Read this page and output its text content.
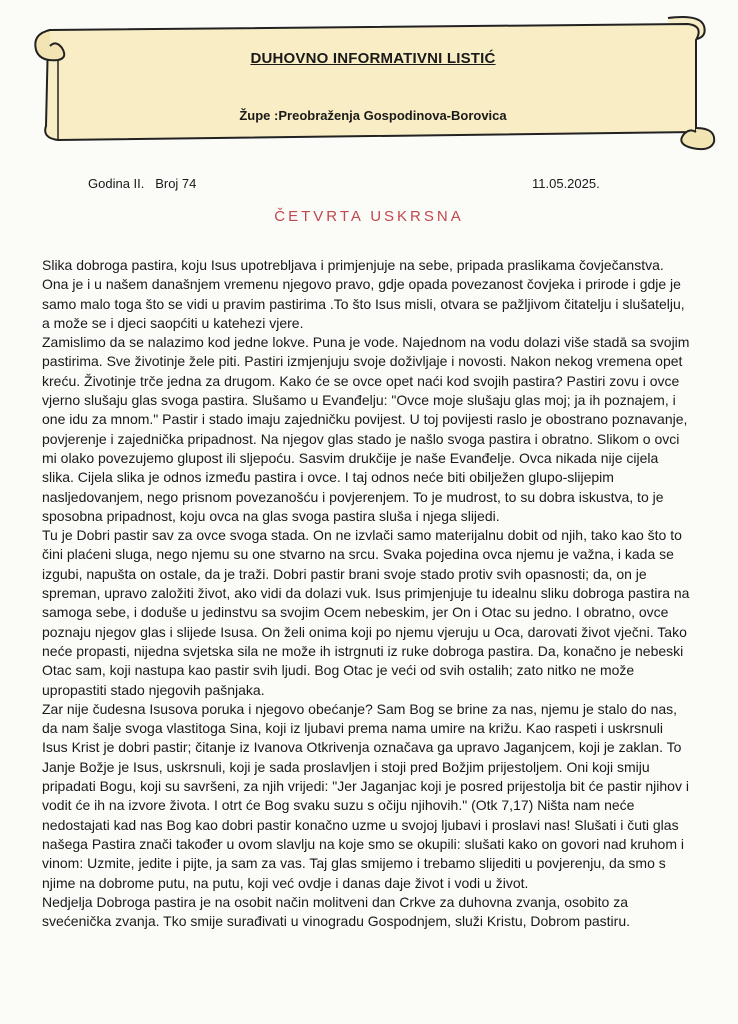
DUHOVNO INFORMATIVNI LISTIĆ
Župe :Preobraženja Gospodinova-Borovica
Godina II.   Broj 74	11.05.2025.
ČETVRTA USKRSNA

Slika dobroga pastira, koju Isus upotrebljava i primjenjuje na sebe, pripada praslikama čovječanstva. Ona je i u našem današnjem vremenu njegovo pravo, gdje opada povezanost čovjeka i prirode i gdje je samo malo toga što se vidi u pravim pastirima .To što Isus misli, otvara se pažljivom čitatelju i slušatelju, a može se i djeci saopćiti u katehezi vjere.

Zamislimo da se nalazimo kod jedne lokve. Puna je vode. Najednom na vodu dolazi više stadā sa svojim pastirima. Sve životinje žele piti. Pastiri izmjenjuju svoje doživljaje i novosti. Nakon nekog vremena opet kreću. Životinje trče jedna za drugom. Kako će se ovce opet naći kod svojih pastira? Pastiri zovu i ovce vjerno slušaju glas svoga pastira. Slušamo u Evanđelju: "Ovce moje slušaju glas moj; ja ih poznajem, i one idu za mnom." Pastir i stado imaju zajedničku povijest. U toj povijesti raslo je obostrano poznavanje, povjerenje i zajednička pripadnost. Na njegov glas stado je našlo svoga pastira i obratno. Slikom o ovci mi olako povezujemo glupost ili sljepoću. Sasvim drukčije je naše Evanđelje. Ovca nikada nije cijela slika. Cijela slika je odnos između pastira i ovce. I taj odnos neće biti obilježen glupo-slijepim nasljedovanjem, nego prisnom povezanošću i povjerenjem. To je mudrost, to su dobra iskustva, to je sposobna pripadnost, koju ovca na glas svoga pastira sluša i njega slijedi.

Tu je Dobri pastir sav za ovce svoga stada. On ne izvlači samo materijalnu dobit od njih, tako kao što to čini plaćeni sluga, nego njemu su one stvarno na srcu. Svaka pojedina ovca njemu je važna, i kada se izgubi, napušta on ostale, da je traži. Dobri pastir brani svoje stado protiv svih opasnosti; da, on je spreman, upravo založiti život, ako vidi da dolazi vuk. Isus primjenjuje tu idealnu sliku dobroga pastira na samoga sebe, i doduše u jedinstvu sa svojim Ocem nebeskim, jer On i Otac su jedno. I obratno, ovce poznaju njegov glas i slijede Isusa. On želi onima koji po njemu vjeruju u Oca, darovati život vječni. Tako neće propasti, nijedna svjetska sila ne može ih istrgnuti iz ruke dobroga pastira. Da, konačno je nebeski Otac sam, koji nastupa kao pastir svih ljudi. Bog Otac je veći od svih ostalih; zato nitko ne može upropastiti stado njegovih pašnjaka.

Zar nije čudesna Isusova poruka i njegovo obećanje? Sam Bog se brine za nas, njemu je stalo do nas, da nam šalje svoga vlastitoga Sina, koji iz ljubavi prema nama umire na križu. Kao raspeti i uskrsnuli Isus Krist je dobri pastir; čitanje iz Ivanova Otkrivenja označava ga upravo Jaganjcem, koji je zaklan. To Janje Božje je Isus, uskrsnuli, koji je sada proslavljen i stoji pred Božjim prijestoljem. Oni koji smiju pripadati Bogu, koji su savršeni, za njih vrijedi: "Jer Jaganjac koji je posred prijestolja bit će pastir njihov i vodit će ih na izvore života. I otrt će Bog svaku suzu s očiju njihovih." (Otk 7,17) Ništa nam neće nedostajati kad nas Bog kao dobri pastir konačno uzme u svojoj ljubavi i proslavi nas! Slušati i čuti glas našega Pastira znači također u ovom slavlju na koje smo se okupili: slušati kako on govori nad kruhom i vinom: Uzmite, jedite i pijte, ja sam za vas. Taj glas smijemo i trebamo slijediti u povjerenju, da smo s njime na dobrome putu, na putu, koji već ovdje i danas daje život i vodi u život.

Nedjelja Dobroga pastira je na osobit način molitveni dan Crkve za duhovna zvanja, osobito za svećenička zvanja. Tko smije surađivati u vinogradu Gospodnjem, služi Kristu, Dobrom pastiru.
